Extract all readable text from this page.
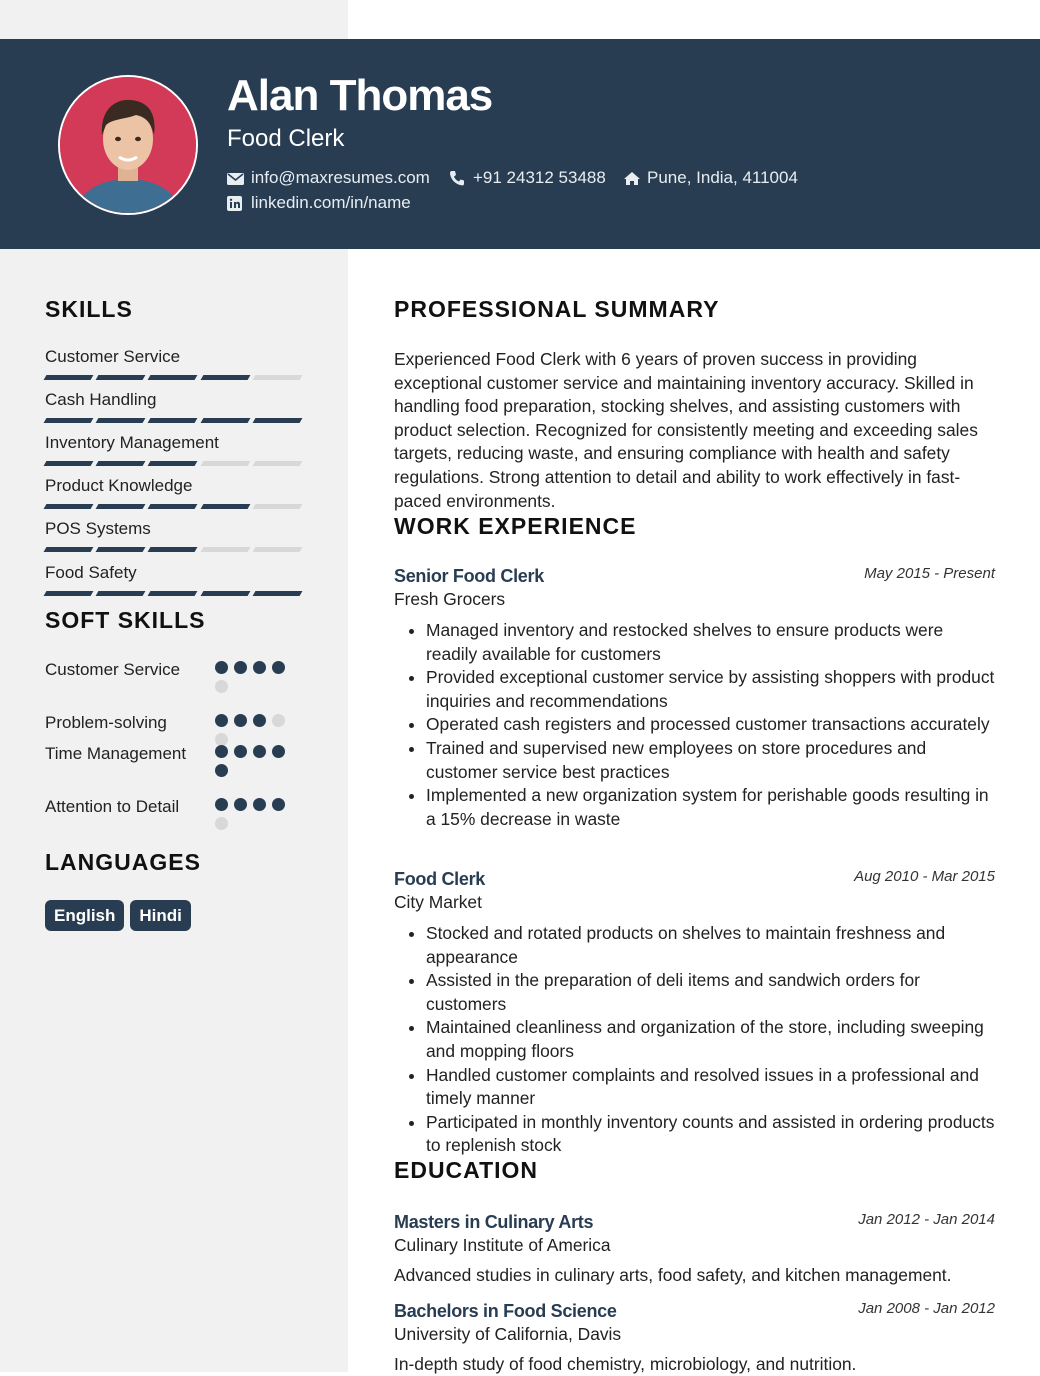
Alan Thomas
Food Clerk
info@maxresumes.com	+91 24312 53488 Pune, India, 411004
linkedin.com/in/name
SKILLS
Customer Service
Cash Handling
Inventory Management
Product Knowledge
POS Systems
Food Safety
SOFT SKILLS
Customer Service
Problem-solving
Time Management
Attention to Detail
LANGUAGES
English	Hindi
PROFESSIONAL SUMMARY

Experienced Food Clerk with 6 years of proven success in providing exceptional customer service and maintaining inventory accuracy. Skilled in handling food preparation, stocking shelves, and assisting customers with product selection. Recognized for consistently meeting and exceeding sales targets, reducing waste, and ensuring compliance with health and safety regulations. Strong attention to detail and ability to work effectively in fast-paced environments.

WORK EXPERIENCE
Senior Food Clerk	May 2015 - Present
Fresh Grocers
• Managed inventory and restocked shelves to ensure products were readily available for customers
• Provided exceptional customer service by assisting shoppers with product inquiries and recommendations
• Operated cash registers and processed customer transactions accurately
• Trained and supervised new employees on store procedures and customer service best practices
• Implemented a new organization system for perishable goods resulting in a 15% decrease in waste
Food Clerk	Aug 2010 - Mar 2015
City Market
• Stocked and rotated products on shelves to maintain freshness and appearance
• Assisted in the preparation of deli items and sandwich orders for customers
• Maintained cleanliness and organization of the store, including sweeping and mopping floors
• Handled customer complaints and resolved issues in a professional and timely manner
• Participated in monthly inventory counts and assisted in ordering products to replenish stock
EDUCATION
Masters in Culinary Arts	Jan 2012 - Jan 2014
Culinary Institute of America
Advanced studies in culinary arts, food safety, and kitchen management.
Bachelors in Food Science	Jan 2008 - Jan 2012
University of California, Davis
In-depth study of food chemistry, microbiology, and nutrition.
